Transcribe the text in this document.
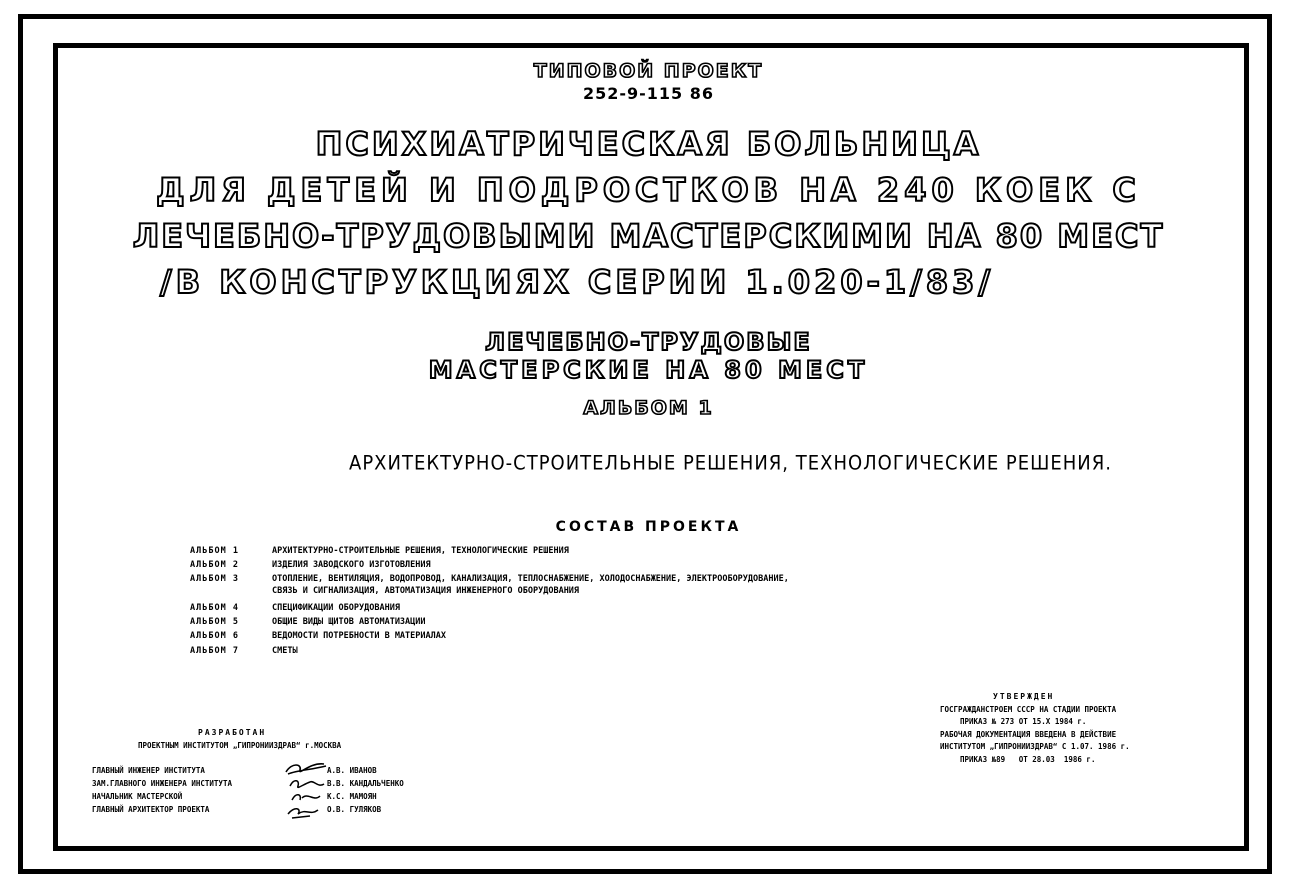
ТИПОВОЙ ПРОЕКТ
252-9-115 86
ПСИХИАТРИЧЕСКАЯ БОЛЬНИЦА
ДЛЯ ДЕТЕЙ И ПОДРОСТКОВ НА 240 КОЕК С
ЛЕЧЕБНО-ТРУДОВЫМИ МАСТЕРСКИМИ НА 80 МЕСТ
/В КОНСТРУКЦИЯХ СЕРИИ 1.020-1/83/
ЛЕЧЕБНО-ТРУДОВЫЕ
МАСТЕРСКИЕ НА 80 МЕСТ
АЛЬБОМ 1
АРХИТЕКТУРНО-СТРОИТЕЛЬНЫЕ РЕШЕНИЯ, ТЕХНОЛОГИЧЕСКИЕ РЕШЕНИЯ.
СОСТАВ ПРОЕКТА
АЛЬБОМ 1	АРХИТЕКТУРНО-СТРОИТЕЛЬНЫЕ РЕШЕНИЯ, ТЕХНОЛОГИЧЕСКИЕ РЕШЕНИЯ
АЛЬБОМ 2	ИЗДЕЛИЯ ЗАВОДСКОГО ИЗГОТОВЛЕНИЯ
АЛЬБОМ 3	ОТОПЛЕНИЕ, ВЕНТИЛЯЦИЯ, ВОДОПРОВОД, КАНАЛИЗАЦИЯ, ТЕПЛОСНАБЖЕНИЕ, ХОЛОДОСНАБЖЕНИЕ, ЭЛЕКТРООБОРУДОВАНИЕ,
СВЯЗЬ И СИГНАЛИЗАЦИЯ, АВТОМАТИЗАЦИЯ ИНЖЕНЕРНОГО ОБОРУДОВАНИЯ
АЛЬБОМ 4	СПЕЦИФИКАЦИИ ОБОРУДОВАНИЯ
АЛЬБОМ 5	ОБЩИЕ ВИДЫ ЩИТОВ АВТОМАТИЗАЦИИ
АЛЬБОМ 6	ВЕДОМОСТИ ПОТРЕБНОСТИ В МАТЕРИАЛАХ
АЛЬБОМ 7	СМЕТЫ
РАЗРАБОТАН
ПРОЕКТНЫМ ИНСТИТУТОМ „ГИПРОНИИЗДРАВ“ г.МОСКВА
ГЛАВНЫЙ ИНЖЕНЕР ИНСТИТУТА	А.В. ИВАНОВ
ЗАМ.ГЛАВНОГО ИНЖЕНЕРА ИНСТИТУТА	В.В. КАНДАЛЬЧЕНКО
НАЧАЛЬНИК МАСТЕРСКОЙ	К.С. МАМОЯН
ГЛАВНЫЙ АРХИТЕКТОР ПРОЕКТА	О.В. ГУЛЯКОВ
УТВЕРЖДЕН
ГОСГРАЖДАНСТРОЕМ СССР НА СТАДИИ ПРОЕКТА
ПРИКАЗ № 273 ОТ 15.Х 1984 г.
РАБОЧАЯ ДОКУМЕНТАЦИЯ ВВЕДЕНА В ДЕЙСТВИЕ
ИНСТИТУТОМ „ГИПРОНИИЗДРАВ“ С 1.07. 1986 г.
ПРИКАЗ №89   ОТ 28.03  1986 г.
